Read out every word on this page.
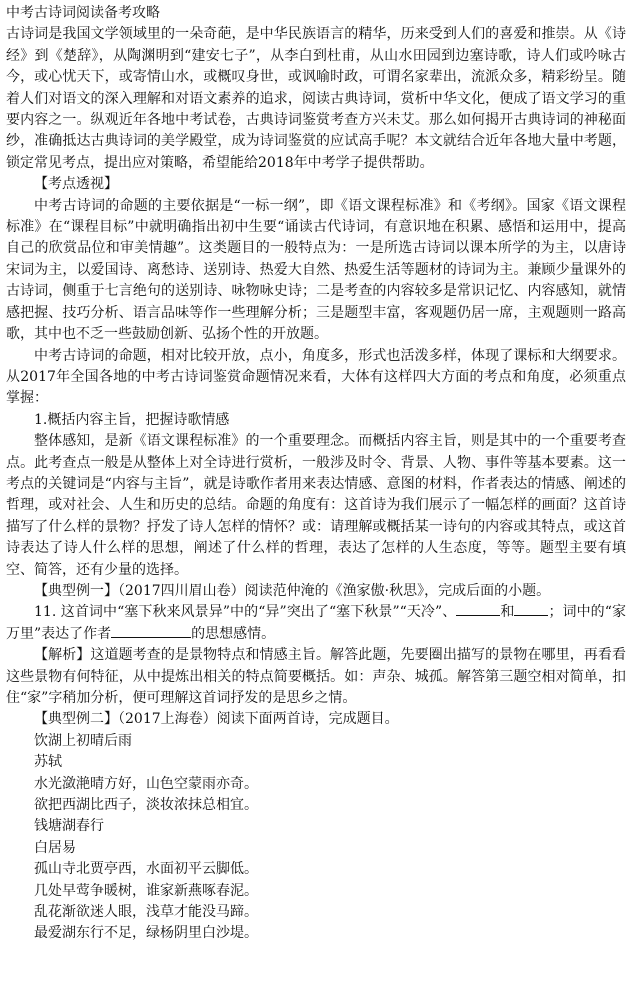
中考古诗词阅读备考攻略

古诗词是我国文学领域里的一朵奇葩，是中华民族语言的精华，历来受到人们的喜爱和推崇。从《诗经》到《楚辞》，从陶渊明到“建安七子”，从李白到杜甫，从山水田园到边塞诗歌，诗人们或吟咏古今，或心忧天下，或寄情山水，或概叹身世，或讽喻时政，可谓名家辈出，流派众多，精彩纷呈。随着人们对语文的深入理解和对语文素养的追求，阅读古典诗词，赏析中华文化，便成了语文学习的重要内容之一。纵观近年各地中考试卷，古典诗词鉴赏考查方兴未艾。那么如何揭开古典诗词的神秘面纱，准确抵达古典诗词的美学殿堂，成为诗词鉴赏的应试高手呢？本文就结合近年各地大量中考题，锁定常见考点，提出应对策略，希望能给2018年中考学子提供帮助。

【考点透视】

中考古诗词的命题的主要依据是“一标一纲”，即《语文课程标准》和《考纲》。国家《语文课程标准》在“课程目标”中就明确指出初中生要“诵读古代诗词，有意识地在积累、感悟和运用中，提高自己的欣赏品位和审美情趣”。这类题目的一般特点为：一是所选古诗词以课本所学的为主，以唐诗宋词为主，以爱国诗、离愁诗、送别诗、热爱大自然、热爱生活等题材的诗词为主。兼顾少量课外的古诗词，侧重于七言绝句的送别诗、咏物咏史诗；二是考查的内容较多是常识记忆、内容感知，就情感把握、技巧分析、语言品味等作一些理解分析；三是题型丰富，客观题仍居一席，主观题则一路高歌，其中也不乏一些鼓励创新、弘扬个性的开放题。

中考古诗词的命题，相对比较开放，点小，角度多，形式也活泼多样，体现了课标和大纲要求。从2017年全国各地的中考古诗词鉴赏命题情况来看，大体有这样四大方面的考点和角度，必须重点掌握：

1.概括内容主旨，把握诗歌情感

整体感知，是新《语文课程标准》的一个重要理念。而概括内容主旨，则是其中的一个重要考查点。此考查点一般是从整体上对全诗进行赏析，一般涉及时令、背景、人物、事件等基本要素。这一考点的关键词是“内容与主旨”，就是诗歌作者用来表达情感、意图的材料，作者表达的情感、阐述的哲理，或对社会、人生和历史的总结。命题的角度有：这首诗为我们展示了一幅怎样的画面？这首诗描写了什么样的景物？抒发了诗人怎样的情怀？或：请理解或概括某一诗句的内容或其特点，或这首诗表达了诗人什么样的思想，阐述了什么样的哲理，表达了怎样的人生态度，等等。题型主要有填空、简答，还有少量的选择。

【典型例一】（2017四川眉山卷）阅读范仲淹的《渔家傲·秋思》，完成后面的小题。

11. 这首词中“塞下秋来风景异”中的“异”突出了“塞下秋景”“天冷”、	和 ；词中的“家万里”表达了作者	的思想感情。

【解析】这道题考查的是景物特点和情感主旨。解答此题，先要圈出描写的景物在哪里，再看看这些景物有何特征，从中提炼出相关的特点简要概括。如：声杂、城孤。解答第三题空相对简单，扣住“家”字稍加分析，便可理解这首词抒发的是思乡之情。

【典型例二】（2017上海卷）阅读下面两首诗，完成题目。

饮湖上初晴后雨

苏轼

水光潋滟晴方好，山色空蒙雨亦奇。

欲把西湖比西子，淡妆浓抹总相宜。

钱塘湖春行

白居易

孤山寺北贾亭西，水面初平云脚低。

几处早莺争暖树，谁家新燕啄春泥。

乱花渐欲迷人眼，浅草才能没马蹄。

最爱湖东行不足，绿杨阴里白沙堤。
